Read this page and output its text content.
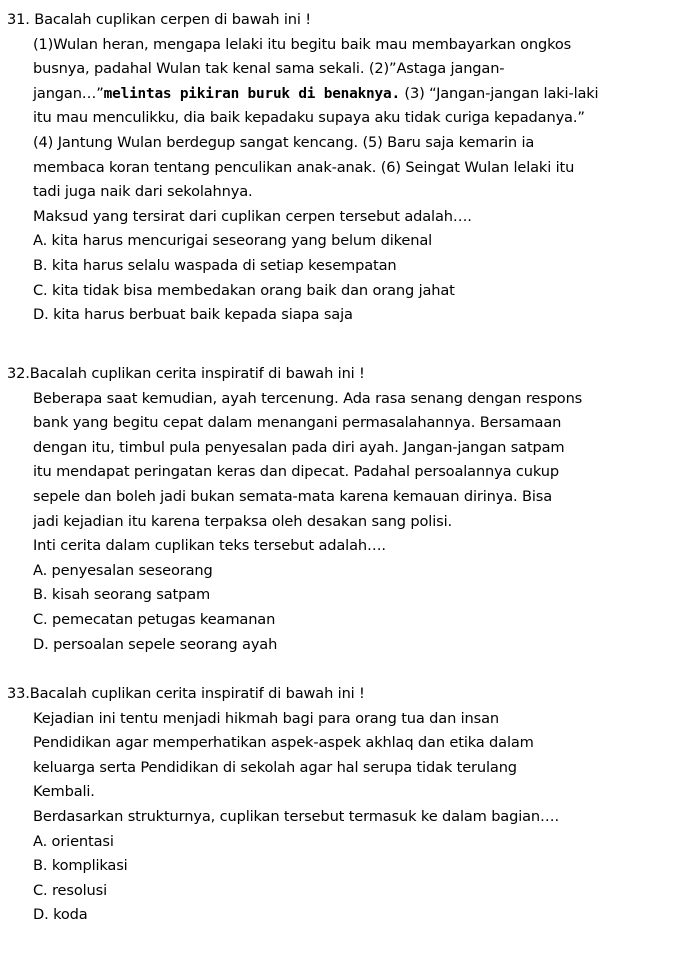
31. Bacalah cuplikan cerpen di bawah ini !
(1)Wulan heran, mengapa lelaki itu begitu baik mau membayarkan ongkos
busnya, padahal Wulan tak kenal sama sekali. (2)”Astaga jangan-
jangan…”melintas pikiran buruk di benaknya. (3) “Jangan-jangan laki-laki
itu mau menculikku, dia baik kepadaku supaya aku tidak curiga kepadanya.”
(4) Jantung Wulan berdegup sangat kencang. (5) Baru saja kemarin ia
membaca koran tentang penculikan anak-anak. (6) Seingat Wulan lelaki itu
tadi juga naik dari sekolahnya.
Maksud yang tersirat dari cuplikan cerpen tersebut adalah….
A. kita harus mencurigai seseorang yang belum dikenal
B. kita harus selalu waspada di setiap kesempatan
C. kita tidak bisa membedakan orang baik dan orang jahat
D. kita harus berbuat baik kepada siapa saja
32.Bacalah cuplikan cerita inspiratif di bawah ini !
Beberapa saat kemudian, ayah tercenung. Ada rasa senang dengan respons
bank yang begitu cepat dalam menangani permasalahannya. Bersamaan
dengan itu, timbul pula penyesalan pada diri ayah. Jangan-jangan satpam
itu mendapat peringatan keras dan dipecat. Padahal persoalannya cukup
sepele dan boleh jadi bukan semata-mata karena kemauan dirinya. Bisa
jadi kejadian itu karena terpaksa oleh desakan sang polisi.
Inti cerita dalam cuplikan teks tersebut adalah….
A. penyesalan seseorang
B. kisah seorang satpam
C. pemecatan petugas keamanan
D. persoalan sepele seorang ayah
33.Bacalah cuplikan cerita inspiratif di bawah ini !
Kejadian ini tentu menjadi hikmah bagi para orang tua dan insan
Pendidikan agar memperhatikan aspek-aspek akhlaq dan etika dalam
keluarga serta Pendidikan di sekolah agar hal serupa tidak terulang
Kembali.
Berdasarkan strukturnya, cuplikan tersebut termasuk ke dalam bagian….
A. orientasi
B. komplikasi
C. resolusi
D. koda
